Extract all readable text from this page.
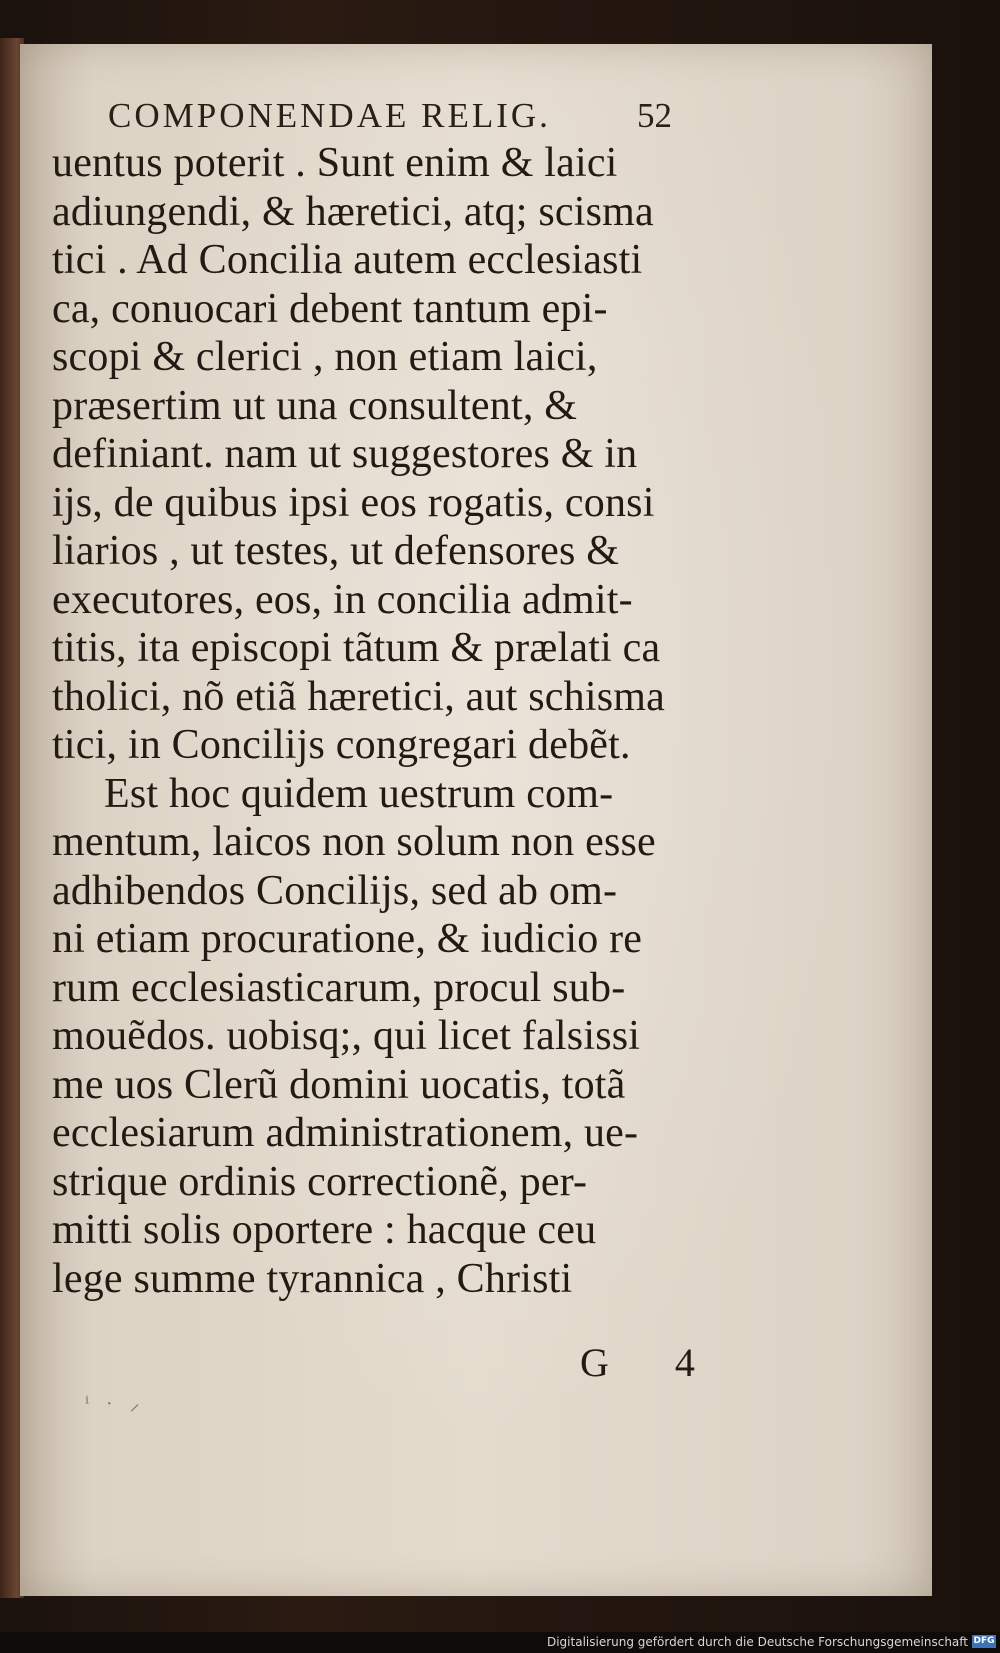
COMPONENDAE RELIG. 52
uentus poterit . Sunt enim & laici
adiungendi, & hæretici, atq; scisma
tici . Ad Concilia autem ecclesiasti
ca, conuocari debent tantum epi-
scopi & clerici , non etiam laici,
præsertim ut una consultent, &
definiant. nam ut suggestores & in
ijs, de quibus ipsi eos rogatis, consi
liarios , ut testes, ut defensores &
executores, eos, in concilia admit-
titis, ita episcopi tãtum & prælati ca
tholici, nõ etiã hæretici, aut schisma
tici, in Concilijs congregari debẽt.
Est hoc quidem uestrum com-
mentum, laicos non solum non esse
adhibendos Concilijs, sed ab om-
ni etiam procuratione, & iudicio re
rum ecclesiasticarum, procul sub-
mouẽdos. uobisq;, qui licet falsissi
me uos Clerũ domini uocatis, totã
ecclesiarum administrationem, ue-
strique ordinis correctionẽ, per-
mitti solis oportere : hacque ceu
lege summe tyrannica , Christi
G 4
ⁱ · ⸝
Digitalisierung gefördert durch die Deutsche Forschungsgemeinschaft DFG
